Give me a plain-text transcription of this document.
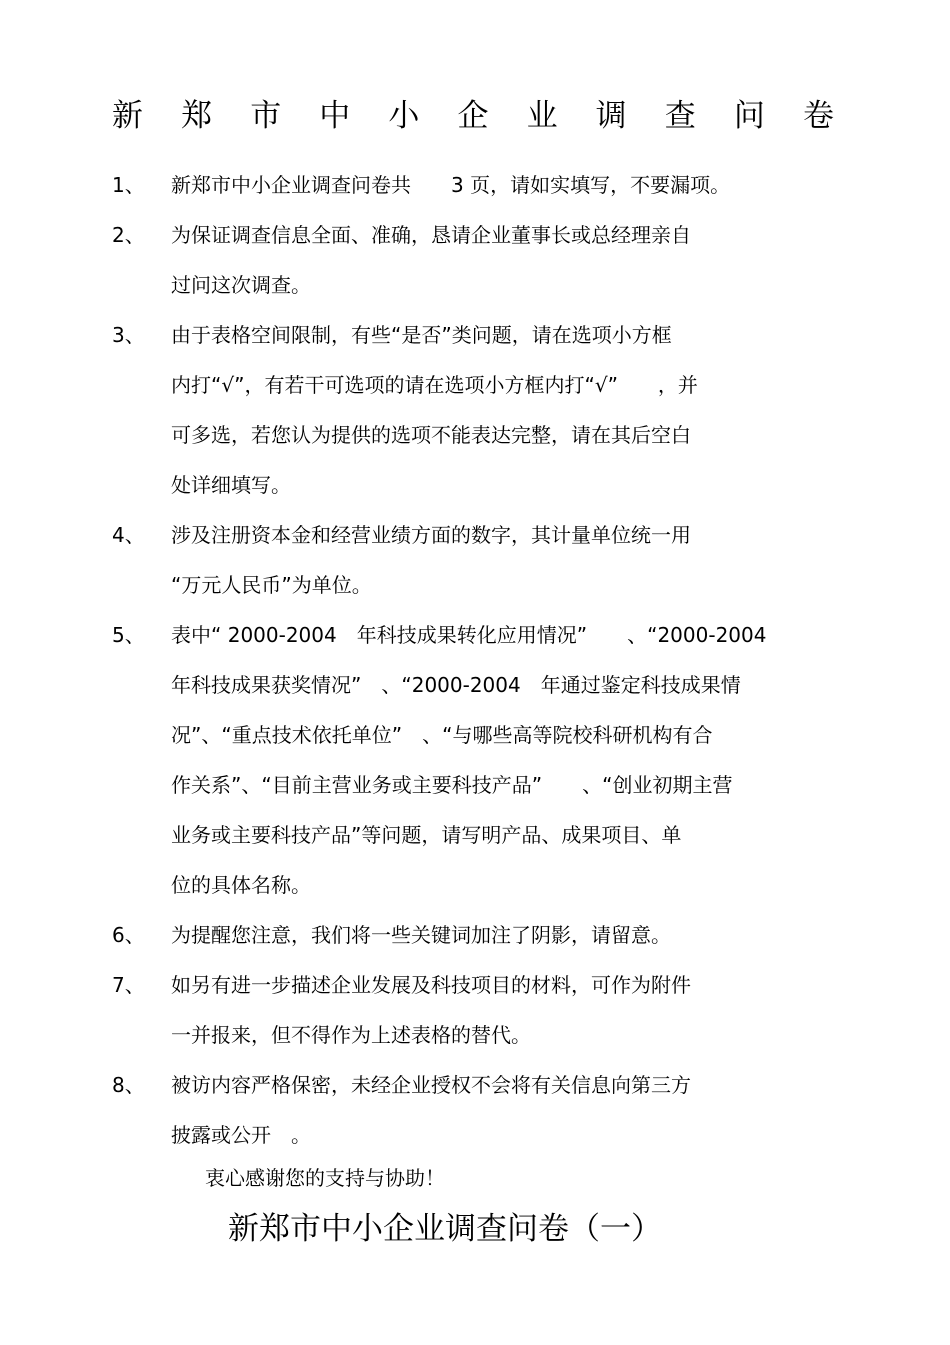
新 郑 市 中 小 企 业 调 查 问 卷
1、 新郑市中小企业调查问卷共　　3 页，请如实填写，不要漏项。
2、 为保证调查信息全面、准确，恳请企业董事长或总经理亲自
过问这次调查。
3、 由于表格空间限制，有些“是否”类问题，请在选项小方框
内打“√”，有若干可选项的请在选项小方框内打“√”　　，并
可多选，若您认为提供的选项不能表达完整，请在其后空白
处详细填写。
4、 涉及注册资本金和经营业绩方面的数字，其计量单位统一用
“万元人民币”为单位。
5、 表中“ 2000-2004　年科技成果转化应用情况”　　、“2000-2004
年科技成果获奖情况”　、“2000-2004　年通过鉴定科技成果情
况”、“重点技术依托单位”　、“与哪些高等院校科研机构有合
作关系”、“目前主营业务或主要科技产品”　　、“创业初期主营
业务或主要科技产品”等问题，请写明产品、成果项目、单
位的具体名称。
6、 为提醒您注意，我们将一些关键词加注了阴影，请留意。
7、 如另有进一步描述企业发展及科技项目的材料，可作为附件
一并报来，但不得作为上述表格的替代。
8、 被访内容严格保密，未经企业授权不会将有关信息向第三方
披露或公开　。
衷心感谢您的支持与协助！
新郑市中小企业调查问卷（一）
